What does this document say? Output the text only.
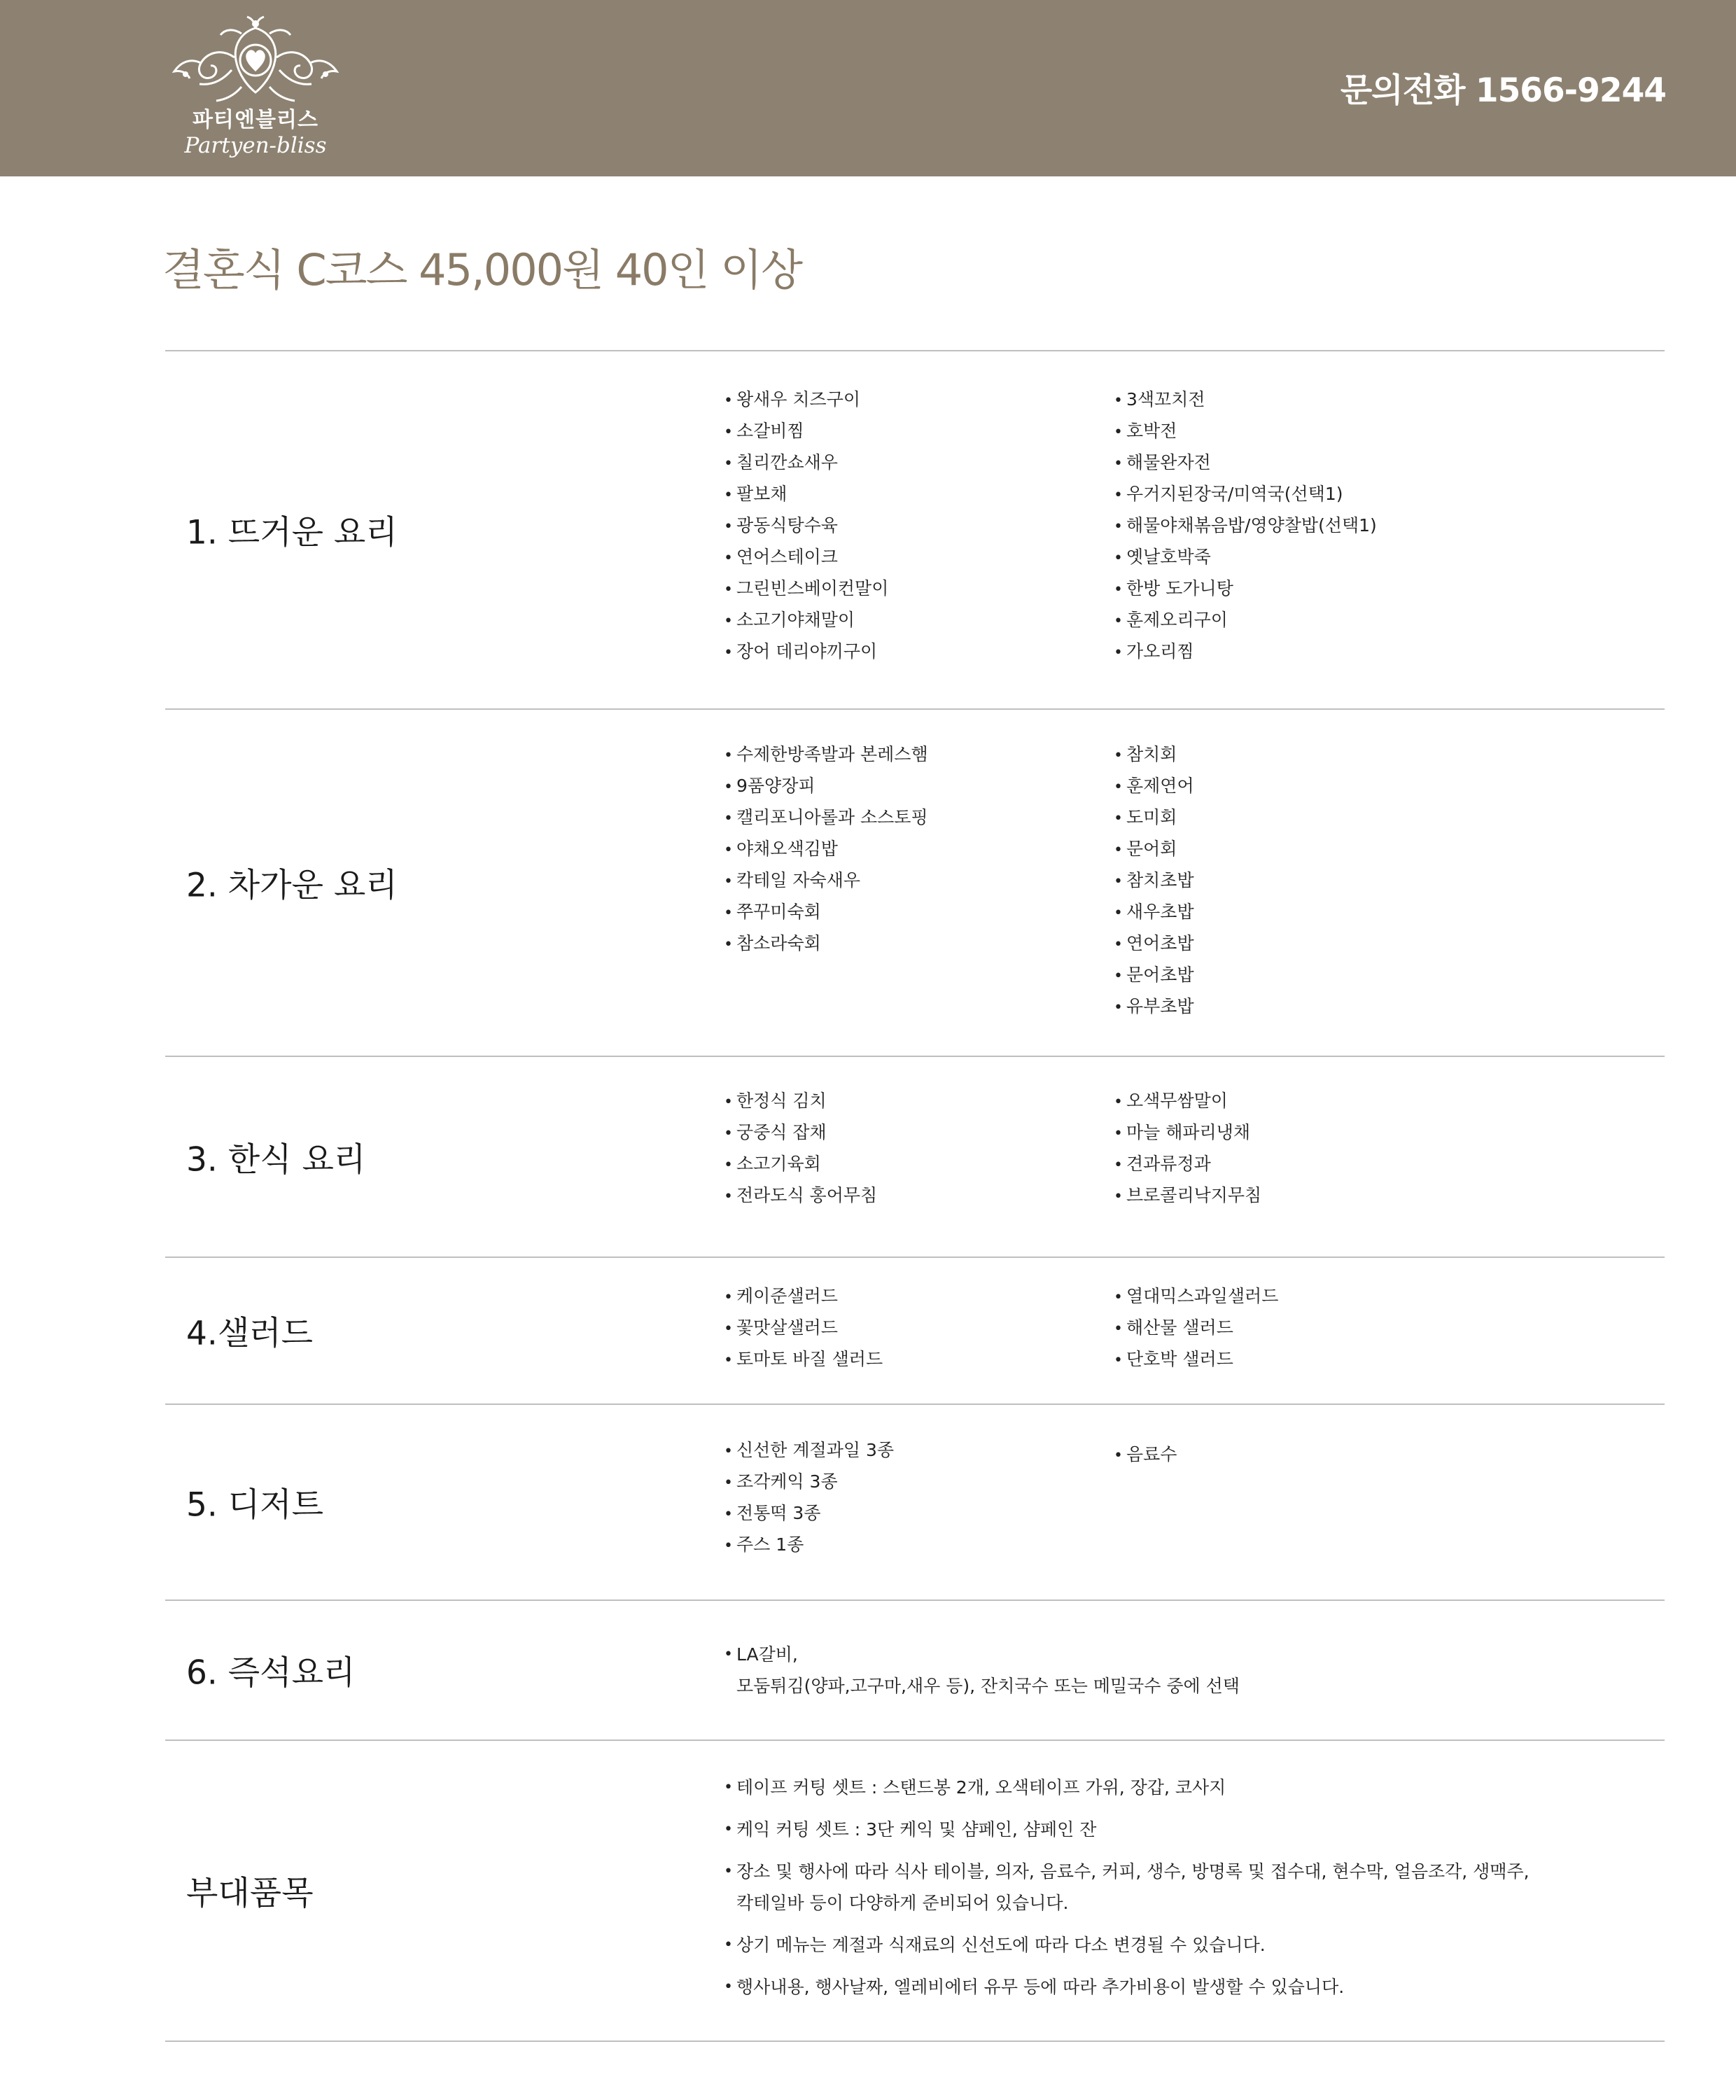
파티엔블리스
Partyen-bliss
문의전화 1566-9244
결혼식 C코스 45,000원 40인 이상
1. 뜨거운 요리
• 왕새우 치즈구이
• 소갈비찜
• 칠리깐쇼새우
• 팔보채
• 광동식탕수육
• 연어스테이크
• 그린빈스베이컨말이
• 소고기야채말이
• 장어 데리야끼구이
• 3색꼬치전
• 호박전
• 해물완자전
• 우거지된장국/미역국(선택1)
• 해물야채볶음밥/영양찰밥(선택1)
• 옛날호박죽
• 한방 도가니탕
• 훈제오리구이
• 가오리찜
2. 차가운 요리
• 수제한방족발과 본레스햄
• 9품양장피
• 캘리포니아롤과 소스토핑
• 야채오색김밥
• 칵테일 자숙새우
• 쭈꾸미숙회
• 참소라숙회
• 참치회
• 훈제연어
• 도미회
• 문어회
• 참치초밥
• 새우초밥
• 연어초밥
• 문어초밥
• 유부초밥
3. 한식 요리
• 한정식 김치
• 궁중식 잡채
• 소고기육회
• 전라도식 홍어무침
• 오색무쌈말이
• 마늘 해파리냉채
• 견과류정과
• 브로콜리낙지무침
4.샐러드
• 케이준샐러드
• 꽃맛살샐러드
• 토마토 바질 샐러드
• 열대믹스과일샐러드
• 해산물 샐러드
• 단호박 샐러드
5. 디저트
• 신선한 계절과일 3종
• 조각케익 3종
• 전통떡 3종
• 주스 1종
• 음료수
6. 즉석요리
•	LA갈비,
모둠튀김(양파,고구마,새우 등), 잔치국수 또는 메밀국수 중에 선택
부대품목
• 테이프 커팅 셋트 : 스탠드봉 2개, 오색테이프 가위, 장갑, 코사지
• 케익 커팅 셋트 : 3단 케익 및 샴페인, 샴페인 잔
• 장소 및 행사에 따라 식사 테이블, 의자, 음료수, 커피, 생수, 방명록 및 접수대, 현수막, 얼음조각, 생맥주,
칵테일바 등이 다양하게 준비되어 있습니다.
• 상기 메뉴는 계절과 식재료의 신선도에 따라 다소 변경될 수 있습니다.
• 행사내용, 행사날짜, 엘레비에터 유무 등에 따라 추가비용이 발생할 수 있습니다.
